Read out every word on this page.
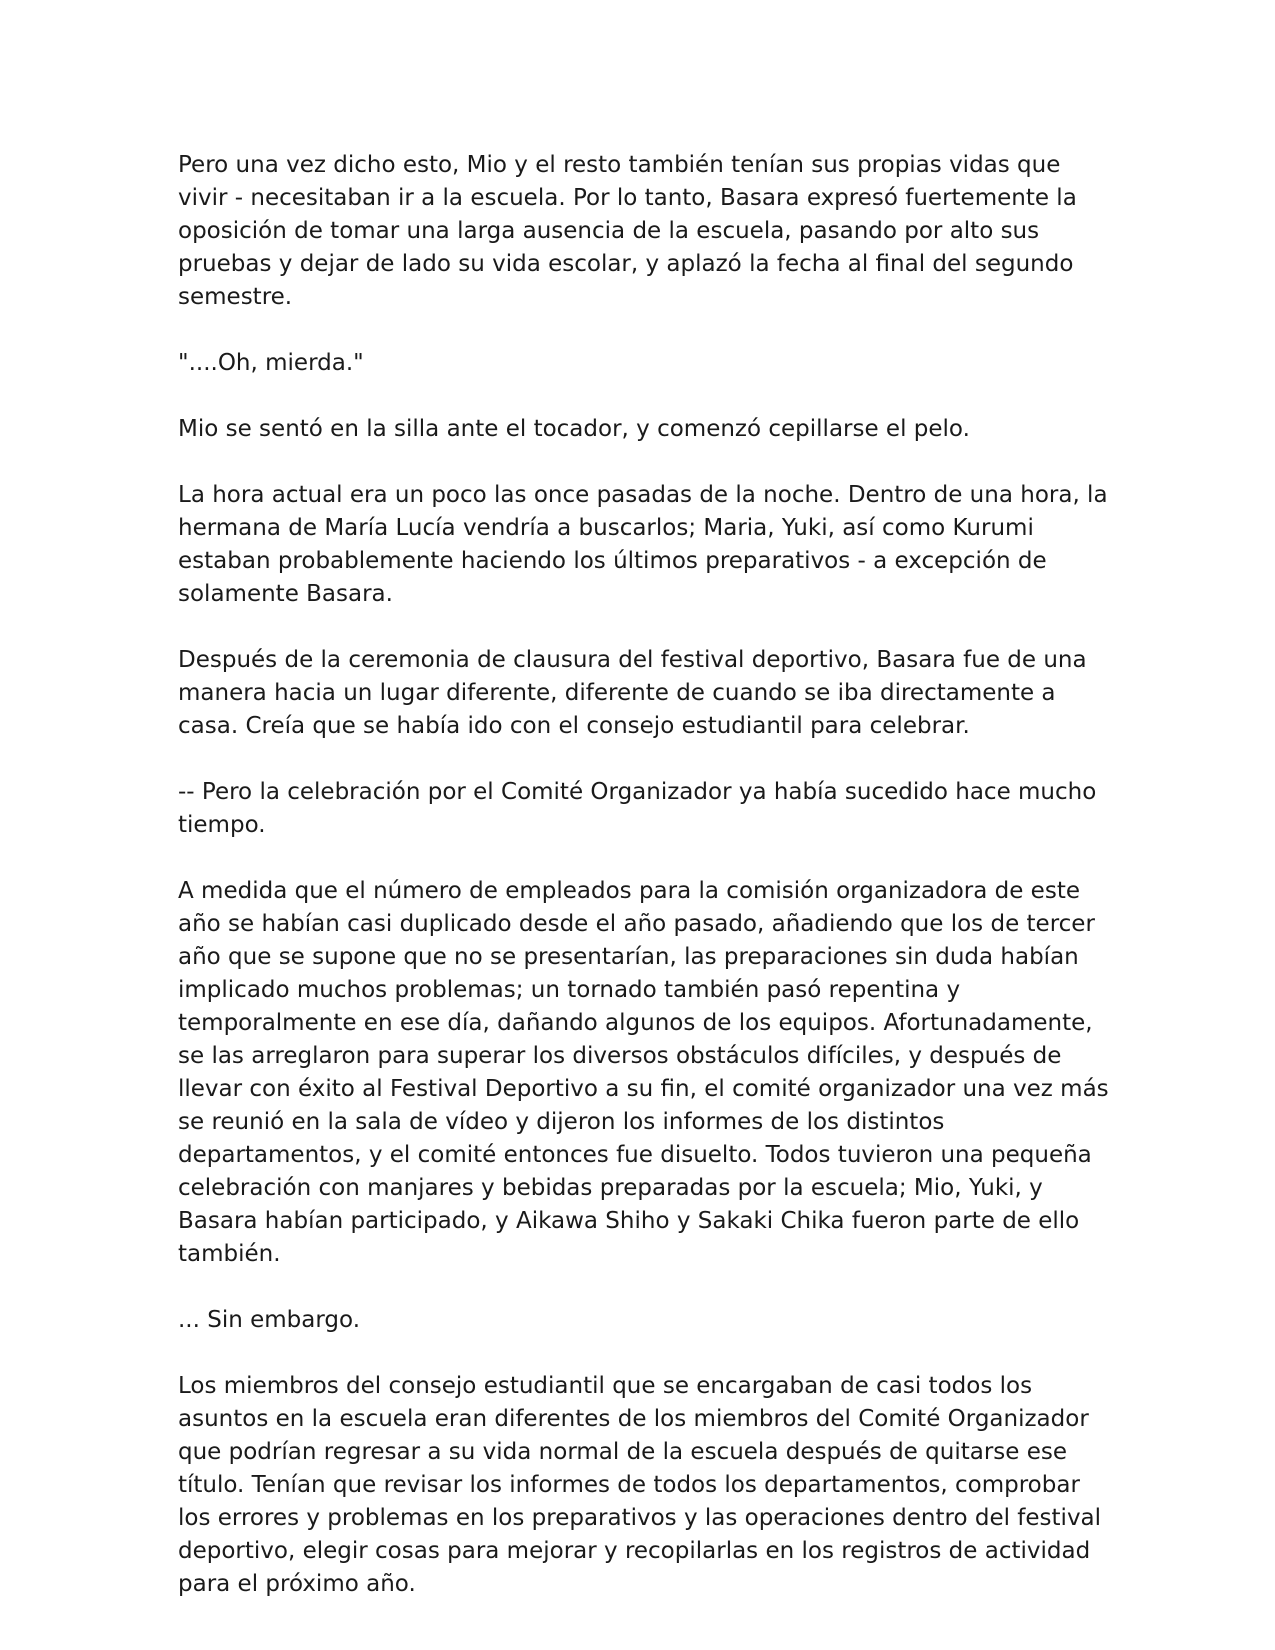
Pero una vez dicho esto, Mio y el resto también tenían sus propias vidas que vivir - necesitaban ir a la escuela. Por lo tanto, Basara expresó fuertemente la oposición de tomar una larga ausencia de la escuela, pasando por alto sus pruebas y dejar de lado su vida escolar, y aplazó la fecha al final del segundo semestre.

"....Oh, mierda."

Mio se sentó en la silla ante el tocador, y comenzó cepillarse el pelo.

La hora actual era un poco las once pasadas de la noche. Dentro de una hora, la hermana de María Lucía vendría a buscarlos; Maria, Yuki, así como Kurumi estaban probablemente haciendo los últimos preparativos - a excepción de solamente Basara.

Después de la ceremonia de clausura del festival deportivo, Basara fue de una manera hacia un lugar diferente, diferente de cuando se iba directamente a casa. Creía que se había ido con el consejo estudiantil para celebrar.

-- Pero la celebración por el Comité Organizador ya había sucedido hace mucho tiempo.

A medida que el número de empleados para la comisión organizadora de este año se habían casi duplicado desde el año pasado, añadiendo que los de tercer año que se supone que no se presentarían, las preparaciones sin duda habían implicado muchos problemas; un tornado también pasó repentina y temporalmente en ese día, dañando algunos de los equipos. Afortunadamente, se las arreglaron para superar los diversos obstáculos difíciles, y después de llevar con éxito al Festival Deportivo a su fin, el comité organizador una vez más se reunió en la sala de vídeo y dijeron los informes de los distintos departamentos, y el comité entonces fue disuelto. Todos tuvieron una pequeña celebración con manjares y bebidas preparadas por la escuela; Mio, Yuki, y Basara habían participado, y Aikawa Shiho y Sakaki Chika fueron parte de ello también.

... Sin embargo.

Los miembros del consejo estudiantil que se encargaban de casi todos los asuntos en la escuela eran diferentes de los miembros del Comité Organizador que podrían regresar a su vida normal de la escuela después de quitarse ese título. Tenían que revisar los informes de todos los departamentos, comprobar los errores y problemas en los preparativos y las operaciones dentro del festival deportivo, elegir cosas para mejorar y recopilarlas en los registros de actividad para el próximo año.
